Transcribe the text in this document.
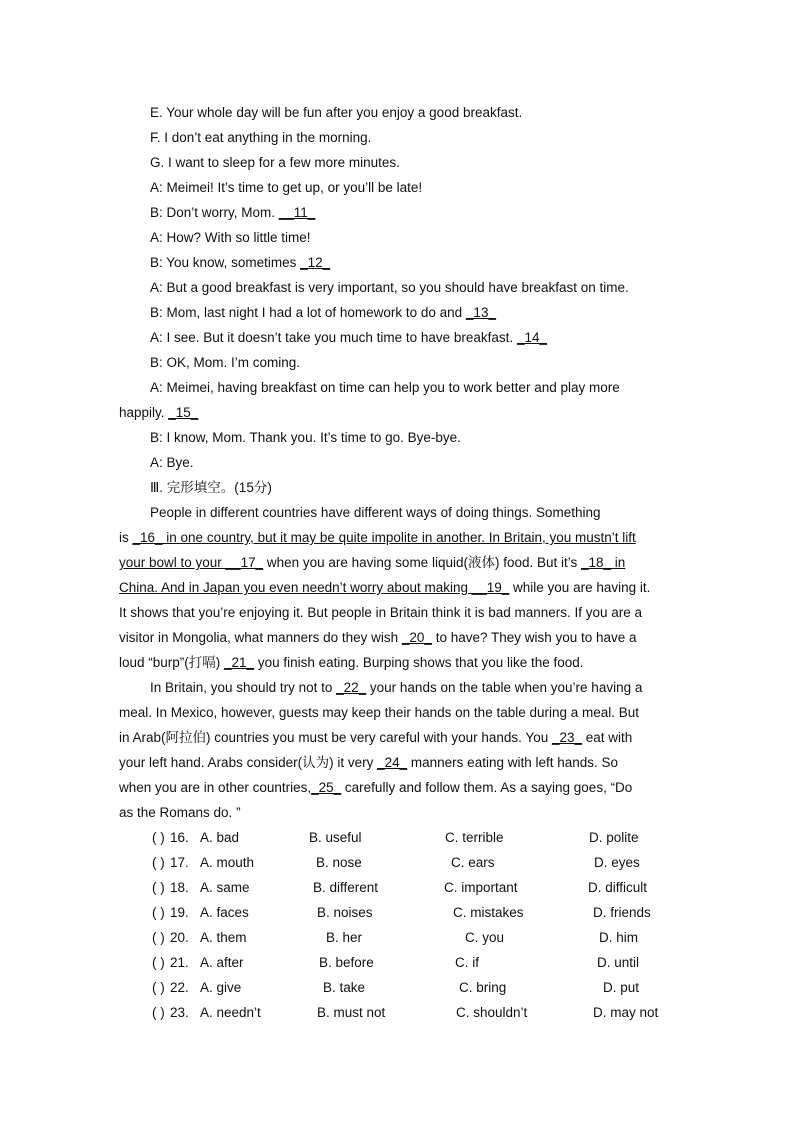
E. Your whole day will be fun after you enjoy a good breakfast.
F. I don’t eat anything in the morning.
G. I want to sleep for a few more minutes.
A: Meimei! It’s time to get up, or you’ll be late!
B: Don’t worry, Mom. __11_
A: How? With so little time!
B: You know, sometimes _12_
A: But a good breakfast is very important, so you should have breakfast on time.
B: Mom, last night I had a lot of homework to do and _13_
A: I see. But it doesn’t take you much time to have breakfast. _14_
B: OK, Mom. I’m coming.
A: Meimei, having breakfast on time can help you to work better and play more
happily. _15_
B: I know, Mom. Thank you. It’s time to go. Bye-bye.
A: Bye.
Ⅲ. 完形填空。(15分)
People in different countries have different ways of doing things. Something
is _16_ in one country, but it may be quite impolite in another. In Britain, you mustn’t lift
your bowl to your __17_ when you are having some liquid(液体) food. But it’s _18_ in
China. And in Japan you even needn’t worry about making __19_ while you are having it.
It shows that you’re enjoying it. But people in Britain think it is bad manners. If you are a
visitor in Mongolia, what manners do they wish _20_ to have? They wish you to have a
loud “burp”(打嗝) _21_ you finish eating. Burping shows that you like the food.
In Britain, you should try not to _22_ your hands on the table when you’re having a
meal. In Mexico, however, guests may keep their hands on the table during a meal. But
in Arab(阿拉伯) countries you must be very careful with your hands. You _23_ eat with
your left hand. Arabs consider(认为) it very _24_ manners eating with left hands. So
when you are in other countries,_25_ carefully and follow them. As a saying goes, “Do
as the Romans do. ”
( ) 16. A. bad	B. useful	C. terrible	D. polite
( ) 17. A. mouth	B. nose	C. ears	D. eyes
( ) 18. A. same	B. different	C. important	D. difficult
( ) 19. A. faces	B. noises	C. mistakes	D. friends
( ) 20. A. them	B. her	C. you	D. him
( ) 21. A. after	B. before	C. if	D. until
( ) 22. A. give	B. take	C. bring	D. put
( ) 23. A. needn’t	B. must not	C. shouldn’t	D. may not
